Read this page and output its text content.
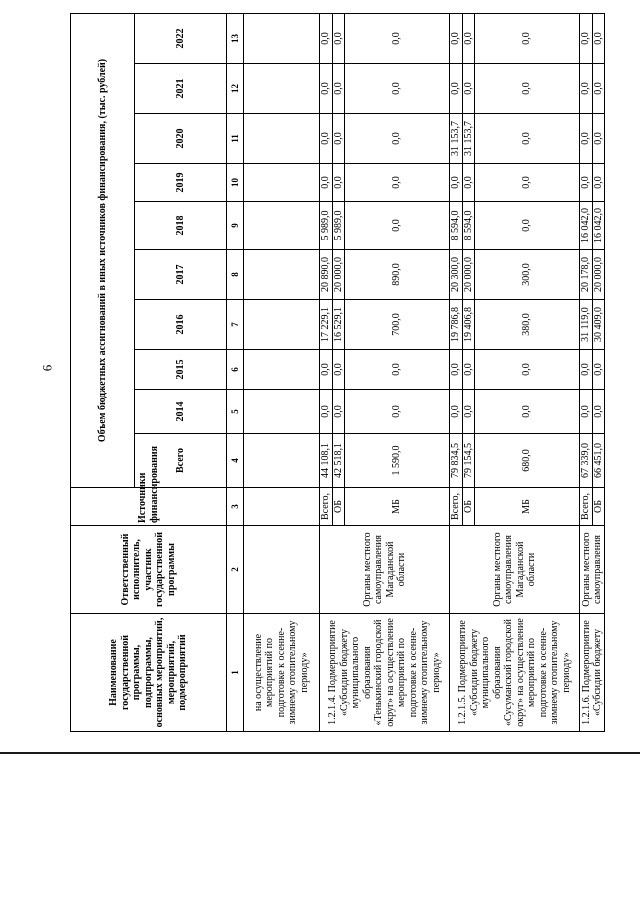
6
Наименование государственной программы, подпрограммы, основных мероприятий, мероприятий, подмероприятий	Ответственный исполнитель, участник государственной программы	Источники финансирования	Объем бюджетных ассигнований в иных источников финансирования, (тыс. рублей)									
			Всего	2014	2015	2016	2017	2018	2019	2020	2021	2022
1	2	3	4	5	6	7	8	9	10	11	12	13
на осуществление мероприятий по подготовке к осенне-зимнему отопительному периоду»												
1.2.1.4. Подмероприятие «Субсидии бюджету муниципального образования «Тенькинский городской округ» на осуществление мероприятий по подготовке к осенне-зимнему отопительному периоду»	Органы местного самоуправления Магаданской области	Всего,	44 108,1	0,0	0,0	17 229,1	20 890,0	5 989,0	0,0	0,0	0,0	0,0
		ОБ	42 518,1	0,0	0,0	16 529,1	20 000,0	5 989,0	0,0	0,0	0,0	0,0
		МБ	1 590,0	0,0	0,0	700,0	890,0	0,0	0,0	0,0	0,0	0,0
1.2.1.5. Подмероприятие «Субсидии бюджету муниципального образования «Сусуманский городской округ» на осуществление мероприятий по подготовке к осенне-зимнему отопительному периоду»	Органы местного самоуправления Магаданской области	Всего,	79 834,5	0,0	0,0	19 786,8	20 300,0	8 594,0	0,0	31 153,7	0,0	0,0
		ОБ	79 154,5	0,0	0,0	19 406,8	20 000,0	8 594,0	0,0	31 153,7	0,0	0,0
		МБ	680,0	0,0	0,0	380,0	300,0	0,0	0,0	0,0	0,0	0,0
1.2.1.6. Подмероприятие «Субсидии бюджету	Органы местного самоуправления	Всего,	67 339,0	0,0	0,0	31 119,0	20 178,0	16 042,0	0,0	0,0	0,0	0,0
		ОБ	66 451,0	0,0	0,0	30 409,0	20 000,0	16 042,0	0,0	0,0	0,0	0,0
